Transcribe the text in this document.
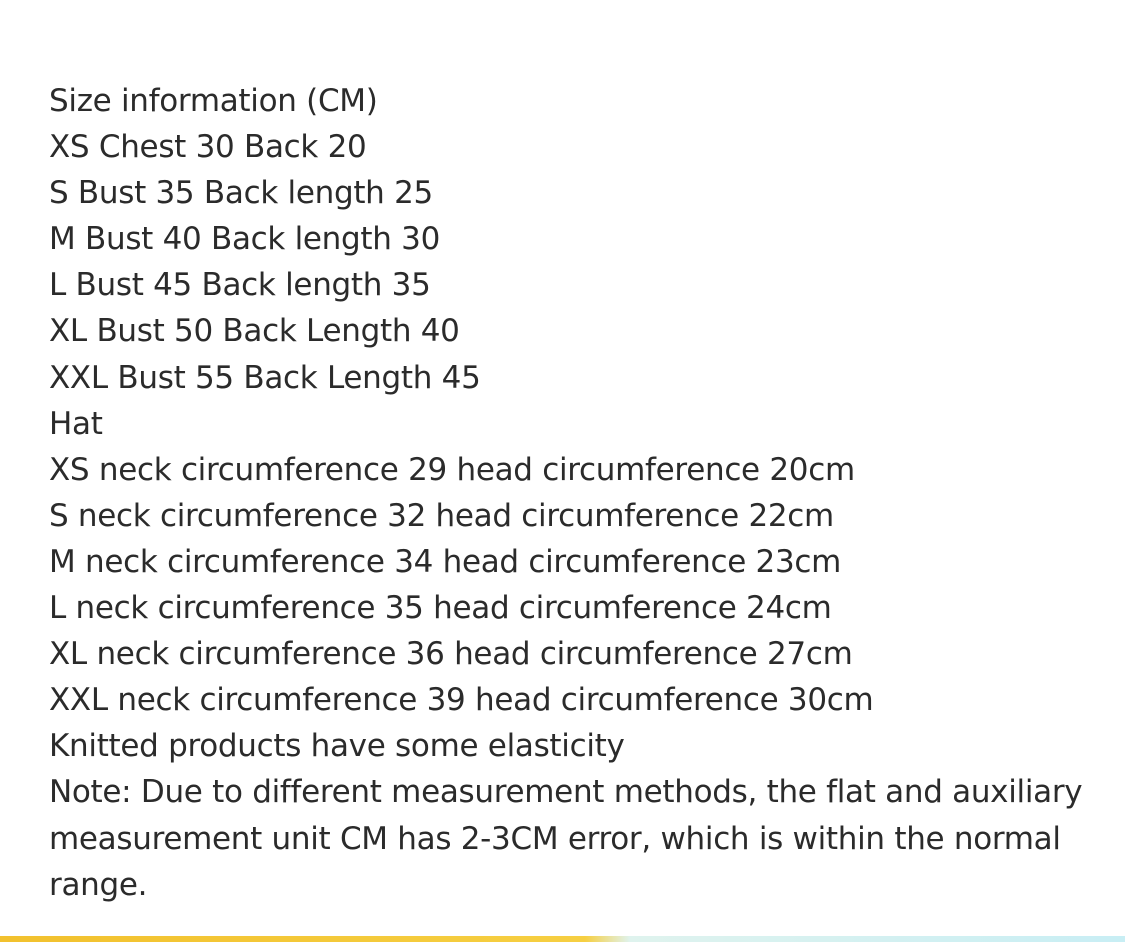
Size information (CM)
XS Chest 30 Back 20
S Bust 35 Back length 25
M Bust 40 Back length 30
L Bust 45 Back length 35
XL Bust 50 Back Length 40
XXL Bust 55 Back Length 45
Hat
XS neck circumference 29 head circumference 20cm
S neck circumference 32 head circumference 22cm
M neck circumference 34 head circumference 23cm
L neck circumference 35 head circumference 24cm
XL neck circumference 36 head circumference 27cm
XXL neck circumference 39 head circumference 30cm
Knitted products have some elasticity
Note: Due to different measurement methods, the flat and auxiliary measurement unit CM has 2-3CM error, which is within the normal range.
